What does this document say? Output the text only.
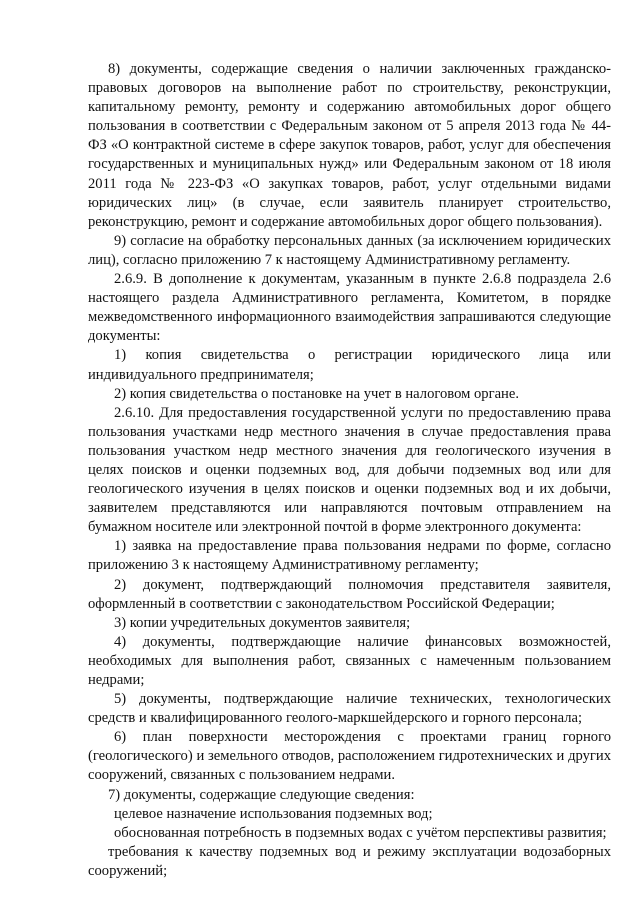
8) документы, содержащие сведения о наличии заключенных гражданско-правовых договоров на выполнение работ по строительству, реконструкции, капитальному ремонту, ремонту и содержанию автомобильных дорог общего пользования в соответствии с Федеральным законом от 5 апреля 2013 года № 44-ФЗ «О контрактной системе в сфере закупок товаров, работ, услуг для обеспечения государственных и муниципальных нужд» или Федеральным законом от 18 июля 2011 года № 223-ФЗ «О закупках товаров, работ, услуг отдельными видами юридических лиц» (в случае, если заявитель планирует строительство, реконструкцию, ремонт и содержание автомобильных дорог общего пользования).

9) согласие на обработку персональных данных (за исключением юридических лиц), согласно приложению 7 к настоящему Административному регламенту.

2.6.9. В дополнение к документам, указанным в пункте 2.6.8 подраздела 2.6 настоящего раздела Административного регламента, Комитетом, в порядке межведомственного информационного взаимодействия запрашиваются следующие документы:

1) копия свидетельства о регистрации юридического лица или индивидуального предпринимателя;

2) копия свидетельства о постановке на учет в налоговом органе.

2.6.10. Для предоставления государственной услуги по предоставлению права пользования участками недр местного значения в случае предоставления права пользования участком недр местного значения для геологического изучения в целях поисков и оценки подземных вод, для добычи подземных вод или для геологического изучения в целях поисков и оценки подземных вод и их добычи, заявителем представляются или направляются почтовым отправлением на бумажном носителе или электронной почтой в форме электронного документа:

1) заявка на предоставление права пользования недрами по форме, согласно приложению 3 к настоящему Административному регламенту;

2) документ, подтверждающий полномочия представителя заявителя, оформленный в соответствии с законодательством Российской Федерации;

3) копии учредительных документов заявителя;

4) документы, подтверждающие наличие финансовых возможностей, необходимых для выполнения работ, связанных с намеченным пользованием недрами;

5) документы, подтверждающие наличие технических, технологических средств и квалифицированного геолого-маркшейдерского и горного персонала;

6) план поверхности месторождения с проектами границ горного (геологического) и земельного отводов, расположением гидротехнических и других сооружений, связанных с пользованием недрами.

7) документы, содержащие следующие сведения:

целевое назначение использования подземных вод;

обоснованная потребность в подземных водах с учётом перспективы развития;

требования к качеству подземных вод и режиму эксплуатации водозаборных сооружений;
